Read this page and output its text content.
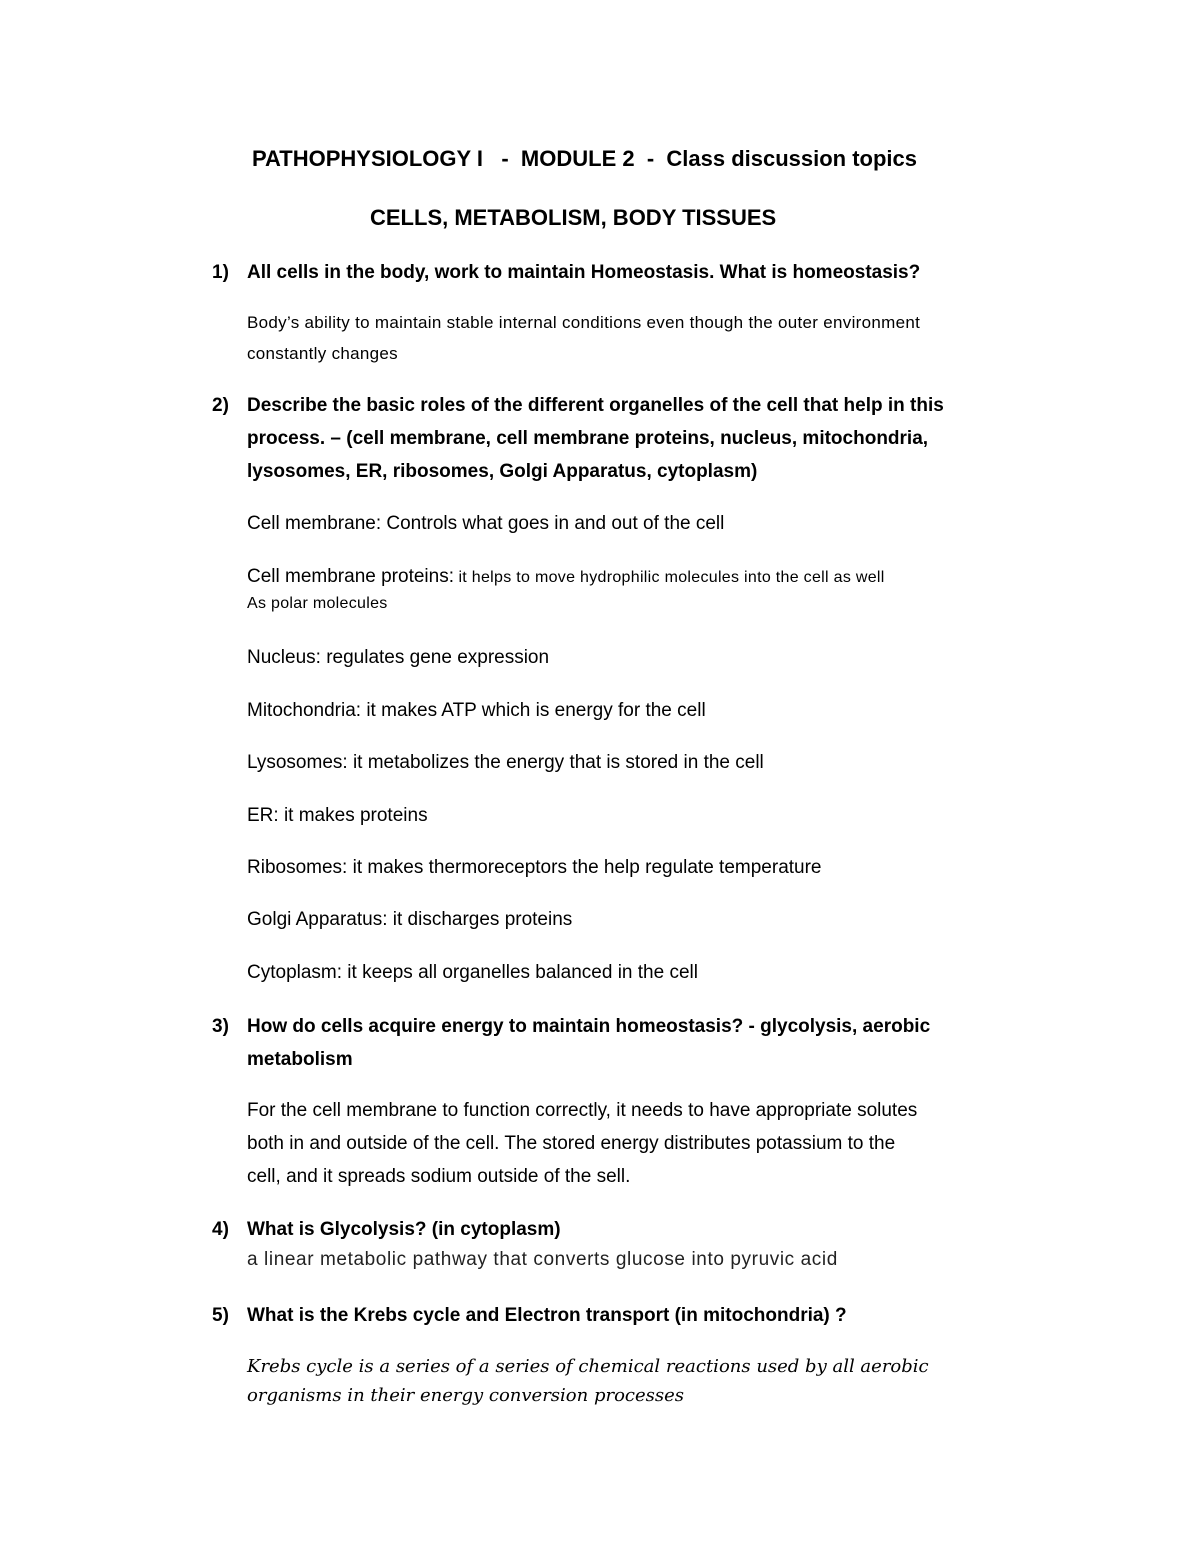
PATHOPHYSIOLOGY I   -  MODULE 2  -  Class discussion topics

CELLS, METABOLISM, BODY TISSUES

1) All cells in the body, work to maintain Homeostasis. What is homeostasis?

Body’s ability to maintain stable internal conditions even though the outer environment

constantly changes

2) Describe the basic roles of the different organelles of the cell that help in this

process. – (cell membrane, cell membrane proteins, nucleus, mitochondria,

lysosomes, ER, ribosomes, Golgi Apparatus, cytoplasm)

Cell membrane: Controls what goes in and out of the cell

Cell membrane proteins: it helps to move hydrophilic molecules into the cell as well

As polar molecules

Nucleus: regulates gene expression

Mitochondria: it makes ATP which is energy for the cell

Lysosomes: it metabolizes the energy that is stored in the cell

ER: it makes proteins

Ribosomes: it makes thermoreceptors the help regulate temperature

Golgi Apparatus: it discharges proteins

Cytoplasm: it keeps all organelles balanced in the cell

3) How do cells acquire energy to maintain homeostasis? - glycolysis, aerobic

metabolism

For the cell membrane to function correctly, it needs to have appropriate solutes

both in and outside of the cell. The stored energy distributes potassium to the

cell, and it spreads sodium outside of the sell.

4) What is Glycolysis? (in cytoplasm)

a linear metabolic pathway that converts glucose into pyruvic acid

5) What is the Krebs cycle and Electron transport (in mitochondria) ?

Krebs cycle is a series of a series of chemical reactions used by all aerobic

organisms in their energy conversion processes
